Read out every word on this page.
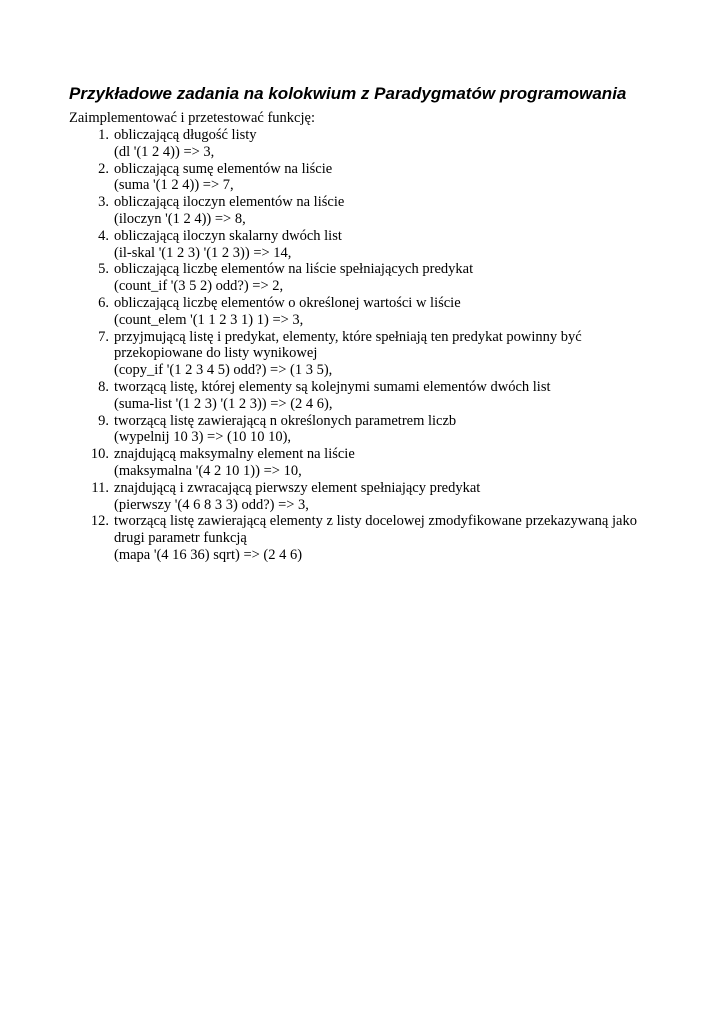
Przykładowe zadania na kolokwium z Paradygmatów programowania

Zaimplementować i przetestować funkcję:

1. obliczającą długość listy
(dl '(1 2 4)) => 3,
2. obliczającą sumę elementów na liście
(suma '(1 2 4)) => 7,
3. obliczającą iloczyn elementów na liście
(iloczyn '(1 2 4)) => 8,
4. obliczającą iloczyn skalarny dwóch list
(il-skal '(1 2 3) '(1 2 3)) => 14,
5. obliczającą liczbę elementów na liście spełniających predykat
(count_if '(3 5 2) odd?) => 2,
6. obliczającą liczbę elementów o określonej wartości w liście
(count_elem '(1 1 2 3 1) 1) => 3,
7. przyjmującą listę i predykat, elementy, które spełniają ten predykat powinny być
przekopiowane do listy wynikowej
(copy_if '(1 2 3 4 5) odd?) => (1 3 5),
8. tworzącą listę, której elementy są kolejnymi sumami elementów dwóch list
(suma-list '(1 2 3) '(1 2 3)) => (2 4 6),
9. tworzącą listę zawierającą n określonych parametrem liczb
(wypelnij 10 3) => (10 10 10),
10. znajdującą maksymalny element na liście
(maksymalna '(4 2 10 1)) => 10,
11. znajdującą i zwracającą pierwszy element spełniający predykat
(pierwszy '(4 6 8 3 3) odd?) => 3,
12. tworzącą listę zawierającą elementy z listy docelowej zmodyfikowane przekazywaną jako
drugi parametr funkcją
(mapa '(4 16 36) sqrt) => (2 4 6)
